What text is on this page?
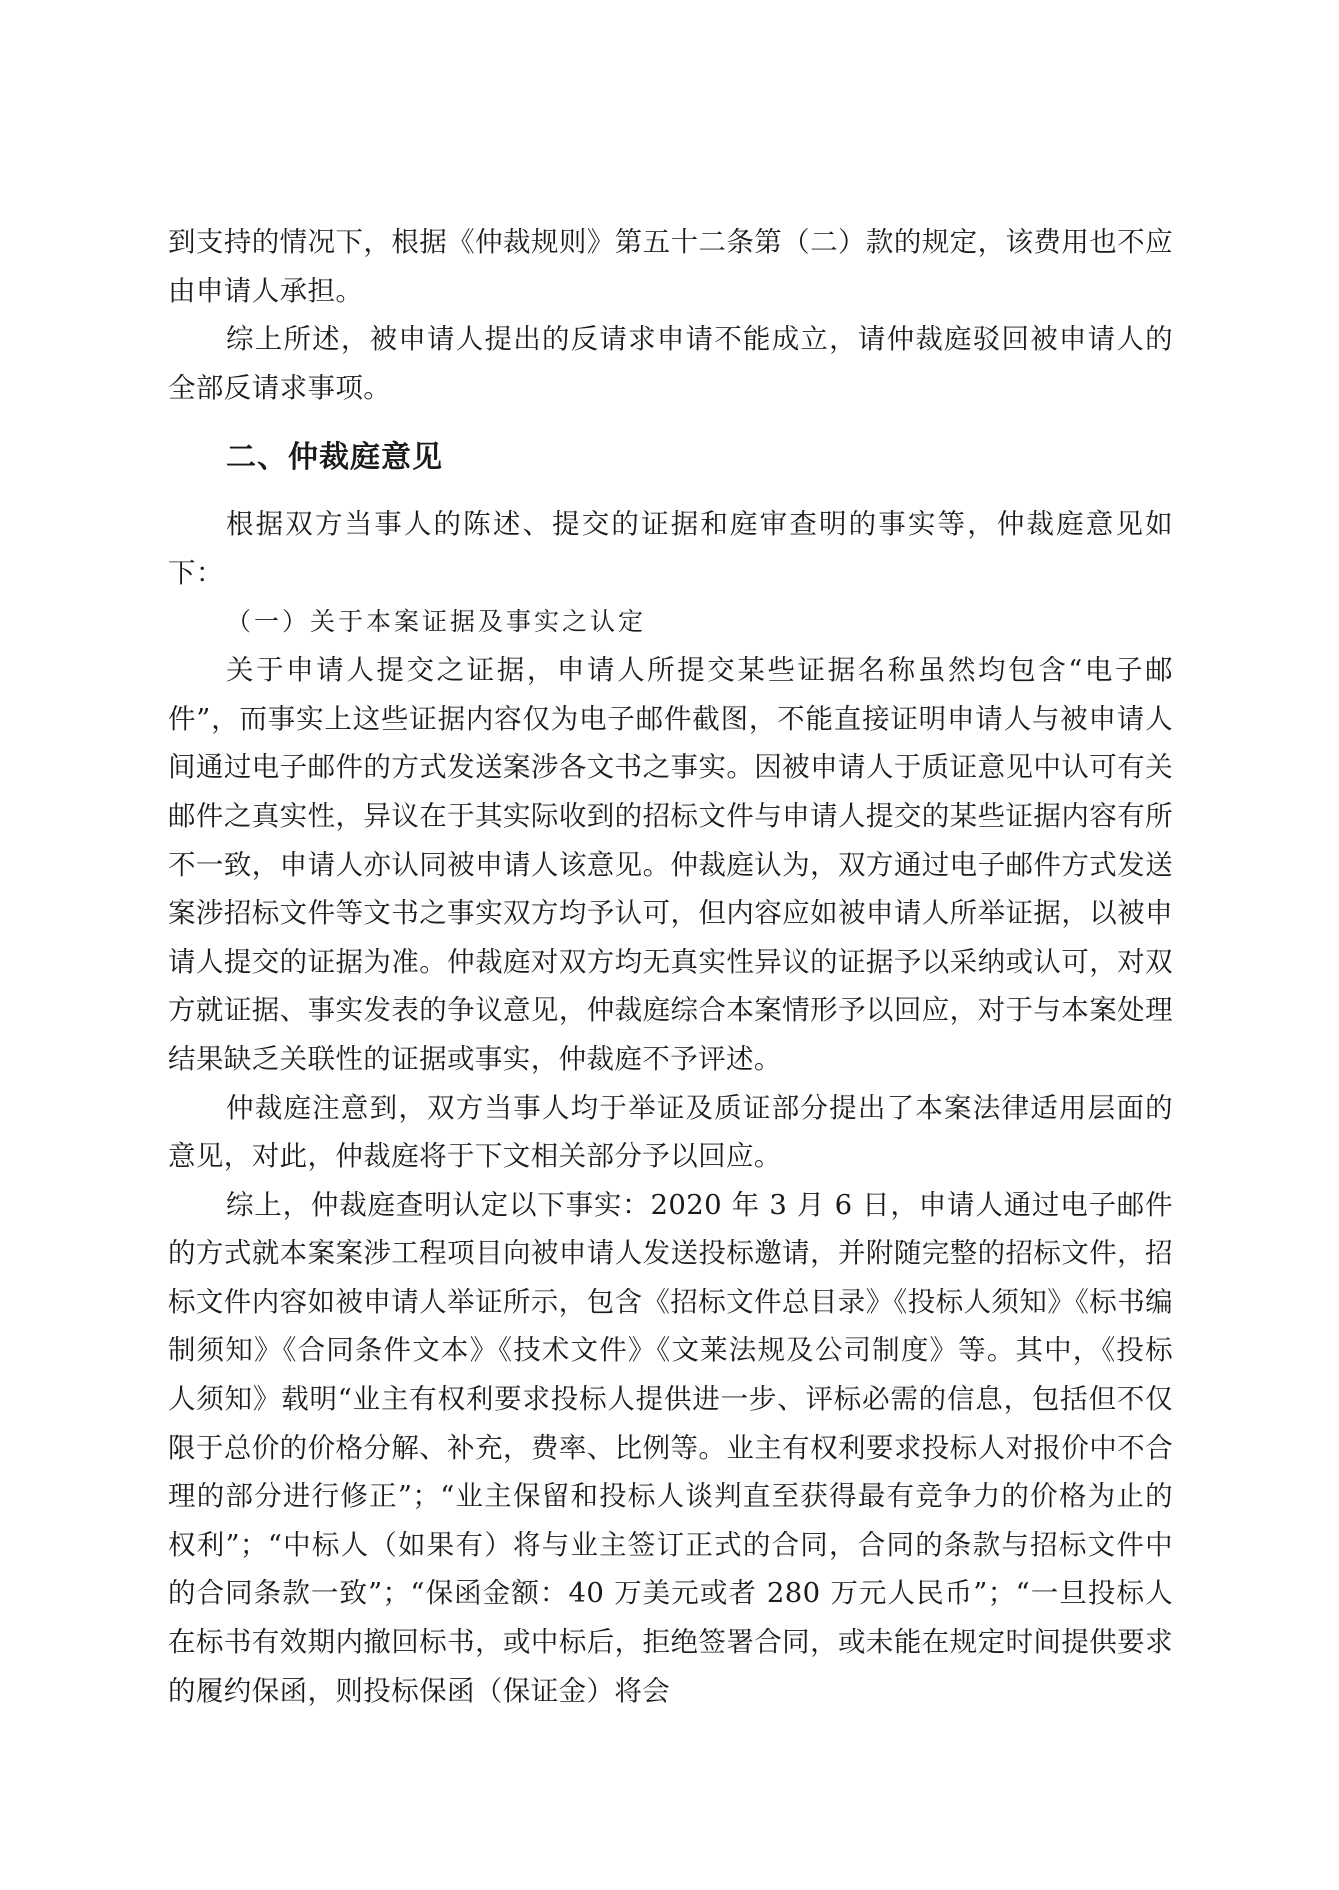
到支持的情况下，根据《仲裁规则》第五十二条第（二）款的规定，该费用也不应由申请人承担。

综上所述，被申请人提出的反请求申请不能成立，请仲裁庭驳回被申请人的全部反请求事项。

二、仲裁庭意见

根据双方当事人的陈述、提交的证据和庭审查明的事实等，仲裁庭意见如下：

（一）关于本案证据及事实之认定

关于申请人提交之证据，申请人所提交某些证据名称虽然均包含“电子邮件”，而事实上这些证据内容仅为电子邮件截图，不能直接证明申请人与被申请人间通过电子邮件的方式发送案涉各文书之事实。因被申请人于质证意见中认可有关邮件之真实性，异议在于其实际收到的招标文件与申请人提交的某些证据内容有所不一致，申请人亦认同被申请人该意见。仲裁庭认为，双方通过电子邮件方式发送案涉招标文件等文书之事实双方均予认可，但内容应如被申请人所举证据，以被申请人提交的证据为准。仲裁庭对双方均无真实性异议的证据予以采纳或认可，对双方就证据、事实发表的争议意见，仲裁庭综合本案情形予以回应，对于与本案处理结果缺乏关联性的证据或事实，仲裁庭不予评述。

仲裁庭注意到，双方当事人均于举证及质证部分提出了本案法律适用层面的意见，对此，仲裁庭将于下文相关部分予以回应。

综上，仲裁庭查明认定以下事实：2020 年 3 月 6 日，申请人通过电子邮件的方式就本案案涉工程项目向被申请人发送投标邀请，并附随完整的招标文件，招标文件内容如被申请人举证所示，包含《招标文件总目录》《投标人须知》《标书编制须知》《合同条件文本》《技术文件》《文莱法规及公司制度》等。其中，《投标人须知》载明“业主有权利要求投标人提供进一步、评标必需的信息，包括但不仅限于总价的价格分解、补充，费率、比例等。业主有权利要求投标人对报价中不合理的部分进行修正”；“业主保留和投标人谈判直至获得最有竞争力的价格为止的权利”；“中标人（如果有）将与业主签订正式的合同，合同的条款与招标文件中的合同条款一致”；“保函金额：40 万美元或者 280 万元人民币”；“一旦投标人在标书有效期内撤回标书，或中标后，拒绝签署合同，或未能在规定时间提供要求的履约保函，则投标保函（保证金）将会
